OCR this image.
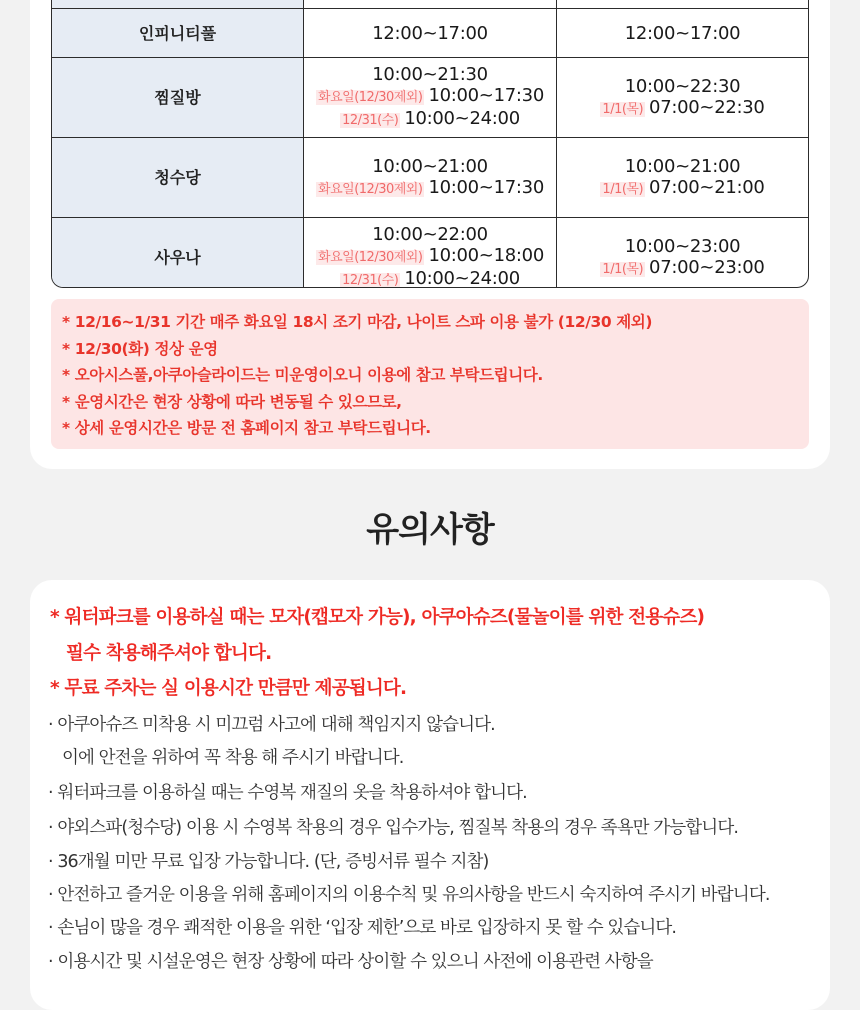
인피니티풀	12:00~17:00	12:00~17:00
찜질방
10:00~21:30
화요일(12/30제외) 10:00~17:30
12/31(수) 10:00~24:00
10:00~22:30
1/1(목) 07:00~22:30
청수당
10:00~21:00
화요일(12/30제외) 10:00~17:30
10:00~21:00
1/1(목) 07:00~21:00
사우나
10:00~22:00
화요일(12/30제외) 10:00~18:00
12/31(수) 10:00~24:00
10:00~23:00
1/1(목) 07:00~23:00
* 12/16~1/31 기간 매주 화요일 18시 조기 마감, 나이트 스파 이용 불가 (12/30 제외)
* 12/30(화) 정상 운영
* 오아시스풀,아쿠아슬라이드는 미운영이오니 이용에 참고 부탁드립니다.
* 운영시간은 현장 상황에 따라 변동될 수 있으므로,
* 상세 운영시간은 방문 전 홈페이지 참고 부탁드립니다.
유의사항
* 워터파크를 이용하실 때는 모자(캡모자 가능), 아쿠아슈즈(물놀이를 위한 전용슈즈)
필수 착용해주셔야 합니다.
* 무료 주차는 실 이용시간 만큼만 제공됩니다.
· 아쿠아슈즈 미착용 시 미끄럼 사고에 대해 책임지지 않습니다.
이에 안전을 위하여 꼭 착용 해 주시기 바랍니다.
· 워터파크를 이용하실 때는 수영복 재질의 옷을 착용하셔야 합니다.
· 야외스파(청수당) 이용 시 수영복 착용의 경우 입수가능, 찜질복 착용의 경우 족욕만 가능합니다.
· 36개월 미만 무료 입장 가능합니다. (단, 증빙서류 필수 지참)
· 안전하고 즐거운 이용을 위해 홈페이지의 이용수칙 및 유의사항을 반드시 숙지하여 주시기 바랍니다.
· 손님이 많을 경우 쾌적한 이용을 위한 ‘입장 제한’으로 바로 입장하지 못 할 수 있습니다.
· 이용시간 및 시설운영은 현장 상황에 따라 상이할 수 있으니 사전에 이용관련 사항을
